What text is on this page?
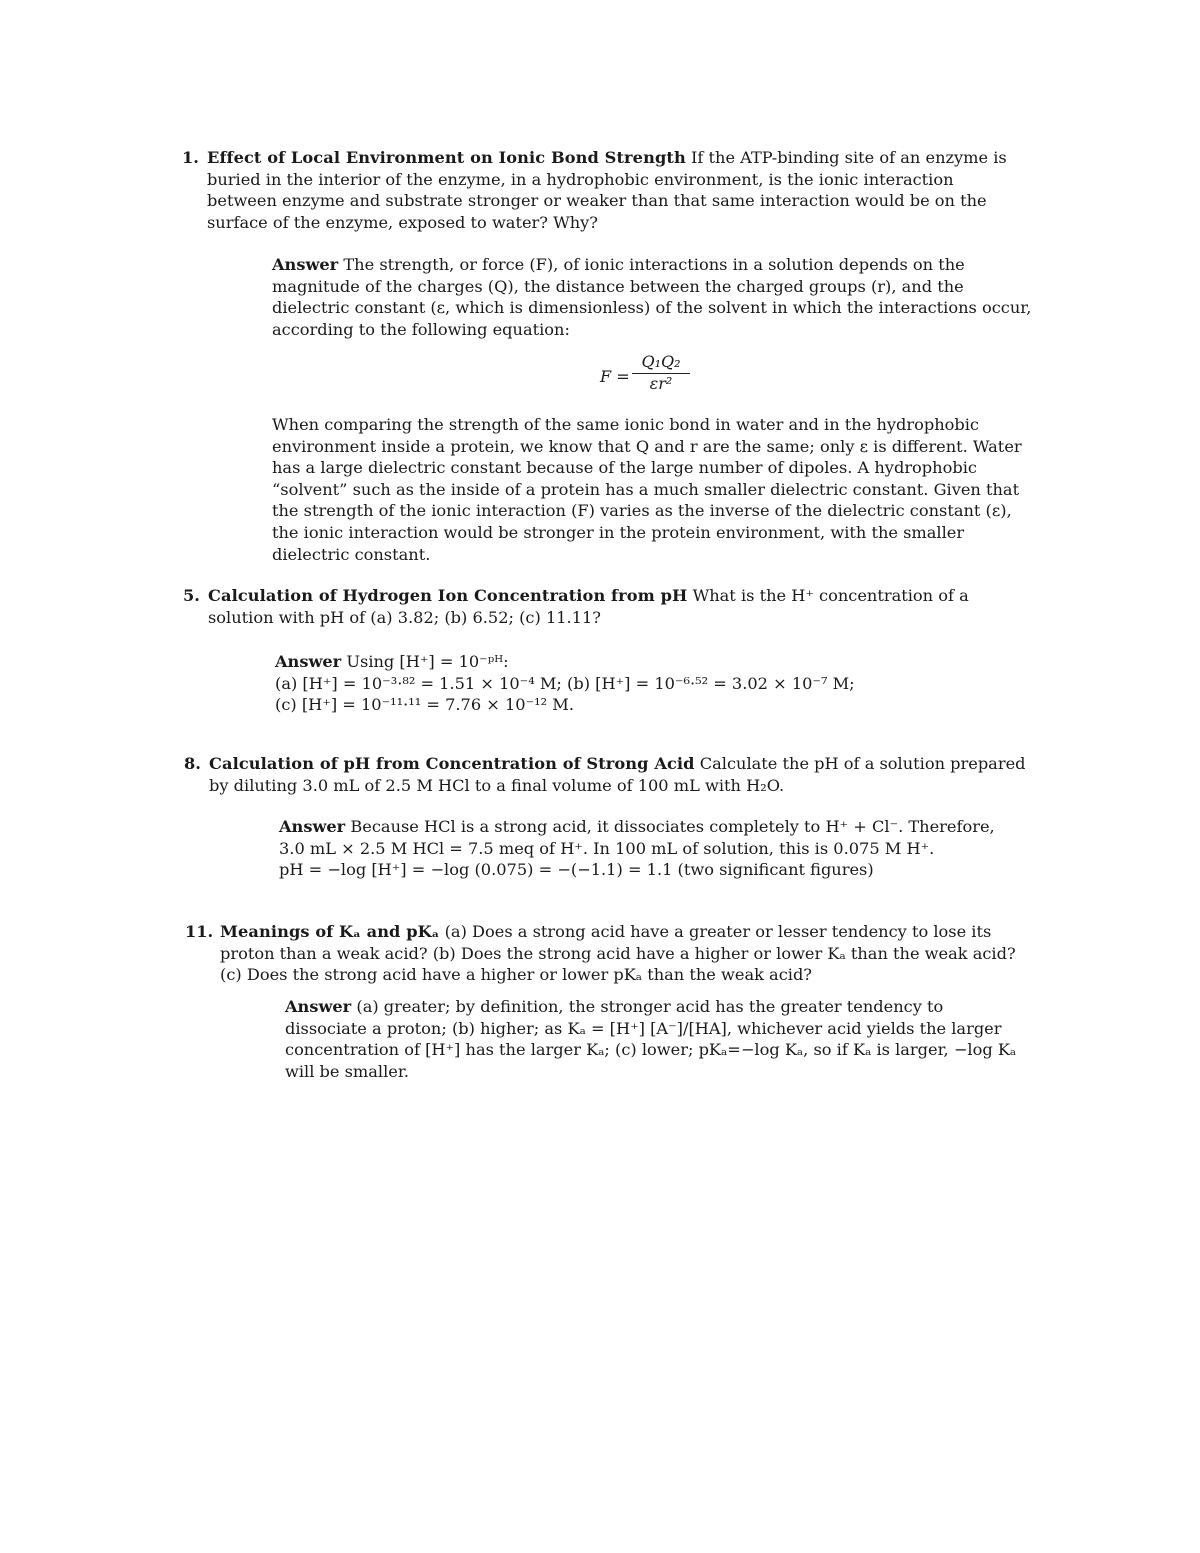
1. Effect of Local Environment on Ionic Bond Strength If the ATP-binding site of an enzyme is buried in the interior of the enzyme, in a hydrophobic environment, is the ionic interaction between enzyme and substrate stronger or weaker than that same interaction would be on the surface of the enzyme, exposed to water? Why?
Answer The strength, or force (F), of ionic interactions in a solution depends on the magnitude of the charges (Q), the distance between the charged groups (r), and the dielectric constant (ε, which is dimensionless) of the solvent in which the interactions occur, according to the following equation:
$F = \frac{\text{Q₁Q₂}}{\text{εr²}}$
When comparing the strength of the same ionic bond in water and in the hydrophobic environment inside a protein, we know that Q and r are the same; only ε is different. Water has a large dielectric constant because of the large number of dipoles. A hydrophobic “solvent” such as the inside of a protein has a much smaller dielectric constant. Given that the strength of the ionic interaction (F) varies as the inverse of the dielectric constant (ε), the ionic interaction would be stronger in the protein environment, with the smaller dielectric constant.
5. Calculation of Hydrogen Ion Concentration from pH What is the H⁺ concentration of a solution with pH of (a) 3.82; (b) 6.52; (c) 11.11?
Answer Using [H⁺] = 10⁻ᵖᴴ:
(a) [H⁺] = 10⁻³·⁸² = 1.51 × 10⁻⁴ M; (b) [H⁺] = 10⁻⁶·⁵² = 3.02 × 10⁻⁷ M;
(c) [H⁺] = 10⁻¹¹·¹¹ = 7.76 × 10⁻¹² M.
8. Calculation of pH from Concentration of Strong Acid Calculate the pH of a solution prepared by diluting 3.0 mL of 2.5 M HCl to a final volume of 100 mL with H₂O.
Answer Because HCl is a strong acid, it dissociates completely to H⁺ + Cl⁻. Therefore,
3.0 mL × 2.5 M HCl = 7.5 meq of H⁺. In 100 mL of solution, this is 0.075 M H⁺.
pH = −log [H⁺] = −log (0.075) = −(−1.1) = 1.1 (two significant figures)
11. Meanings of Kₐ and pKₐ (a) Does a strong acid have a greater or lesser tendency to lose its proton than a weak acid? (b) Does the strong acid have a higher or lower Kₐ than the weak acid? (c) Does the strong acid have a higher or lower pKₐ than the weak acid?
Answer (a) greater; by definition, the stronger acid has the greater tendency to dissociate a proton; (b) higher; as Kₐ = [H⁺] [A⁻]/[HA], whichever acid yields the larger concentration of [H⁺] has the larger Kₐ; (c) lower; pKₐ=−log Kₐ, so if Kₐ is larger, −log Kₐ will be smaller.
